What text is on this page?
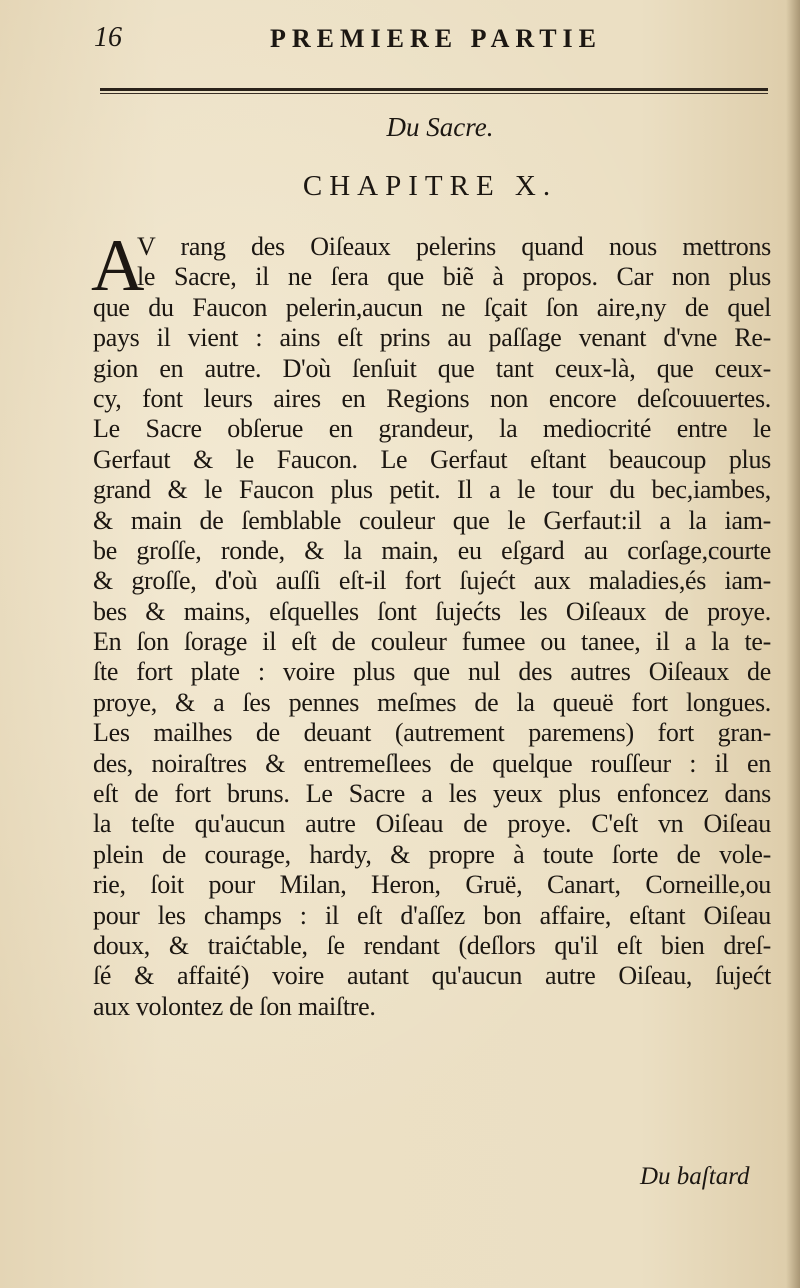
16	PREMIERE PARTIE
Du Sacre.
CHAPITRE X.
A
V rang des Oiſeaux pelerins quand nous mettrons
le Sacre, il ne ſera que biẽ à propos. Car non plus
que du Faucon pelerin,aucun ne ſçait ſon aire,ny de quel
pays il vient : ains eſt prins au paſſage venant d'vne Re-
gion en autre. D'où ſenſuit que tant ceux-là, que ceux-
cy, font leurs aires en Regions non encore deſcouuertes.
Le Sacre obſerue en grandeur, la mediocrité entre le
Gerfaut & le Faucon. Le Gerfaut eſtant beaucoup plus
grand & le Faucon plus petit. Il a le tour du bec,iambes,
& main de ſemblable couleur que le Gerfaut:il a la iam-
be groſſe, ronde, & la main, eu eſgard au corſage,courte
& groſſe, d'où auſſi eſt-il fort ſujećt aux maladies,és iam-
bes & mains, eſquelles ſont ſujećts les Oiſeaux de proye.
En ſon ſorage il eſt de couleur fumee ou tanee, il a la te-
ſte fort plate : voire plus que nul des autres Oiſeaux de
proye, & a ſes pennes meſmes de la queuë fort longues.
Les mailhes de deuant (autrement paremens) fort gran-
des, noiraſtres & entremeſlees de quelque rouſſeur : il en
eſt de fort bruns. Le Sacre a les yeux plus enfoncez dans
la teſte qu'aucun autre Oiſeau de proye. C'eſt vn Oiſeau
plein de courage, hardy, & propre à toute ſorte de vole-
rie, ſoit pour Milan, Heron, Gruë, Canart, Corneille,ou
pour les champs : il eſt d'aſſez bon affaire, eſtant Oiſeau
doux, & traićtable, ſe rendant (deſlors qu'il eſt bien dreſ-
ſé & affaité) voire autant qu'aucun autre Oiſeau, ſujećt
aux volontez de ſon maiſtre.
Du baſtard
